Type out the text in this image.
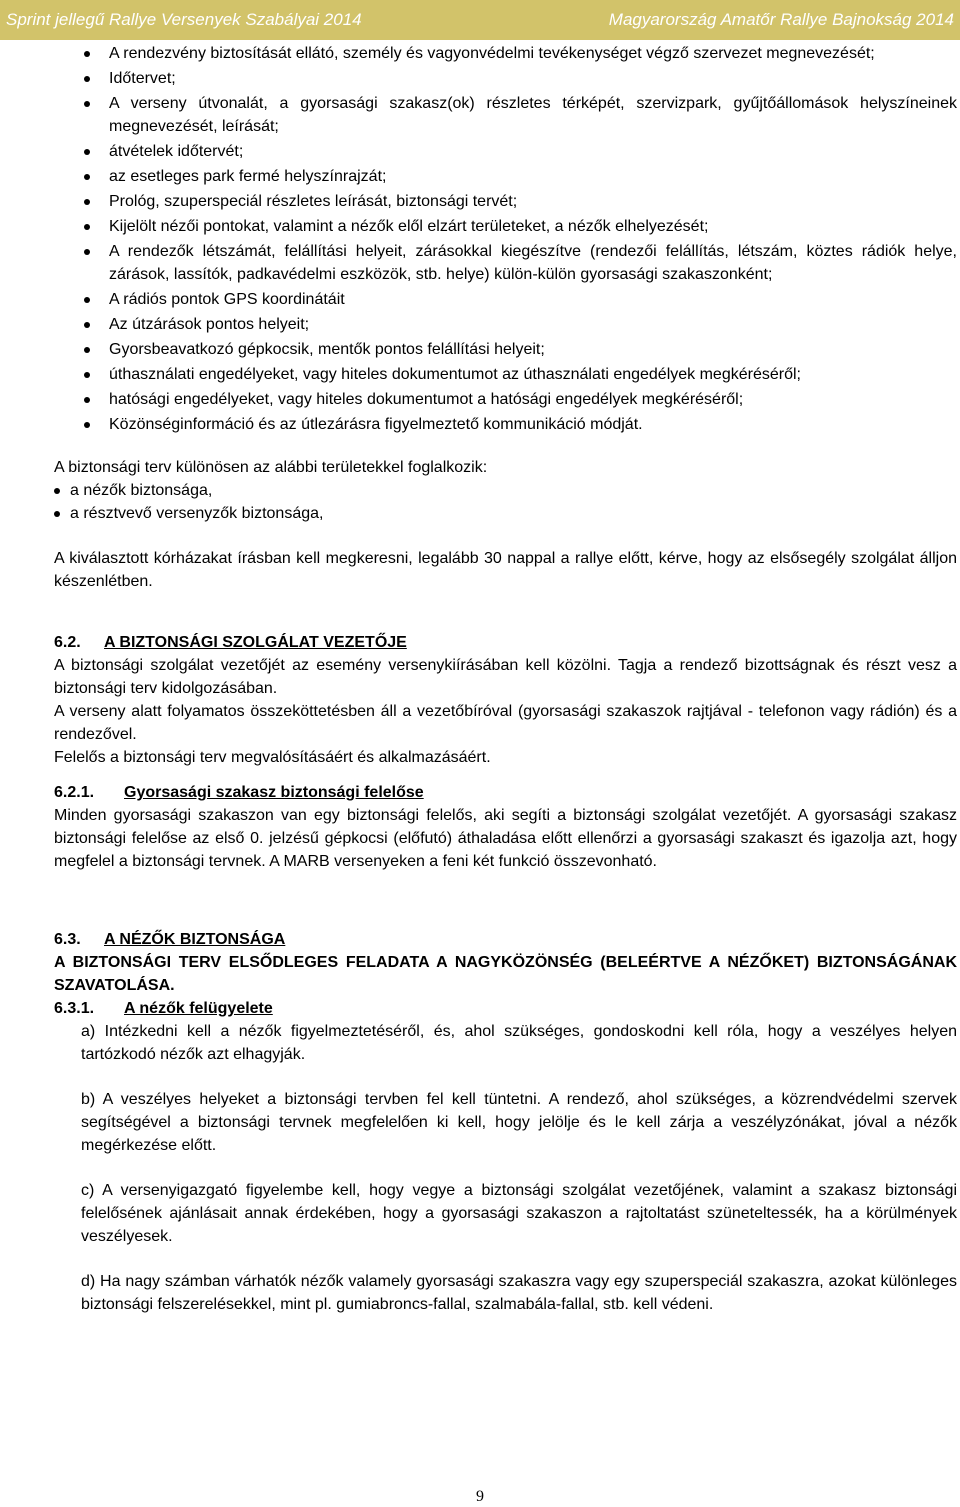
Sprint jellegű Rallye Versenyek Szabályai 2014	Magyarország Amatőr Rallye Bajnokság 2014
A rendezvény biztosítását ellátó, személy és vagyonvédelmi tevékenységet végző szervezet megnevezését;
Időtervet;
A verseny útvonalát, a gyorsasági szakasz(ok) részletes térképét, szervizpark, gyűjtőállomások helyszíneinek megnevezését, leírását;
átvételek időtervét;
az esetleges park fermé helyszínrajzát;
Prológ, szuperspeciál részletes leírását, biztonsági tervét;
Kijelölt nézői pontokat, valamint a nézők elől elzárt területeket, a nézők elhelyezését;
A rendezők létszámát, felállítási helyeit, zárásokkal kiegészítve (rendezői felállítás, létszám, köztes rádiók helye, zárások, lassítók, padkavédelmi eszközök, stb. helye) külön-külön gyorsasági szakaszonként;
A rádiós pontok GPS koordinátáit
Az útzárások pontos helyeit;
Gyorsbeavatkozó gépkocsik, mentők pontos felállítási helyeit;
úthasználati engedélyeket, vagy hiteles dokumentumot az úthasználati engedélyek megkéréséről;
hatósági engedélyeket, vagy hiteles dokumentumot a hatósági engedélyek megkéréséről;
Közönséginformáció és az útlezárásra figyelmeztető kommunikáció módját.

A biztonsági terv különösen az alábbi területekkel foglalkozik:

a nézők biztonsága,
a résztvevő versenyzők biztonsága,

A kiválasztott kórházakat írásban kell megkeresni, legalább 30 nappal a rallye előtt, kérve, hogy az elsősegély szolgálat álljon készenlétben.

6.2. A BIZTONSÁGI SZOLGÁLAT VEZETŐJE

A biztonsági szolgálat vezetőjét az esemény versenykiírásában kell közölni. Tagja a rendező bizottságnak és részt vesz a biztonsági terv kidolgozásában.

A verseny alatt folyamatos összeköttetésben áll a vezetőbíróval (gyorsasági szakaszok rajtjával - telefonon vagy rádión) és a rendezővel.

Felelős a biztonsági terv megvalósításáért és alkalmazásáért.

6.2.1. Gyorsasági szakasz biztonsági felelőse

Minden gyorsasági szakaszon van egy biztonsági felelős, aki segíti a biztonsági szolgálat vezetőjét. A gyorsasági szakasz biztonsági felelőse az első 0. jelzésű gépkocsi (előfutó) áthaladása előtt ellenőrzi a gyorsasági szakaszt és igazolja azt, hogy megfelel a biztonsági tervnek. A MARB versenyeken a feni két funkció összevonható.

6.3. A NÉZŐK BIZTONSÁGA

A BIZTONSÁGI TERV ELSŐDLEGES FELADATA A NAGYKÖZÖNSÉG (BELEÉRTVE A NÉZŐKET) BIZTONSÁGÁNAK SZAVATOLÁSA.

6.3.1. A nézők felügyelete

a) Intézkedni kell a nézők figyelmeztetéséről, és, ahol szükséges, gondoskodni kell róla, hogy a veszélyes helyen tartózkodó nézők azt elhagyják.

b) A veszélyes helyeket a biztonsági tervben fel kell tüntetni. A rendező, ahol szükséges, a közrendvédelmi szervek segítségével a biztonsági tervnek megfelelően ki kell, hogy jelölje és le kell zárja a veszélyzónákat, jóval a nézők megérkezése előtt.

c) A versenyigazgató figyelembe kell, hogy vegye a biztonsági szolgálat vezetőjének, valamint a szakasz biztonsági felelősének ajánlásait annak érdekében, hogy a gyorsasági szakaszon a rajtoltatást szüneteltessék, ha a körülmények veszélyesek.

d) Ha nagy számban várhatók nézők valamely gyorsasági szakaszra vagy egy szuperspeciál szakaszra, azokat különleges biztonsági felszerelésekkel, mint pl. gumiabroncs-fallal, szalmabála-fallal, stb. kell védeni.

9
